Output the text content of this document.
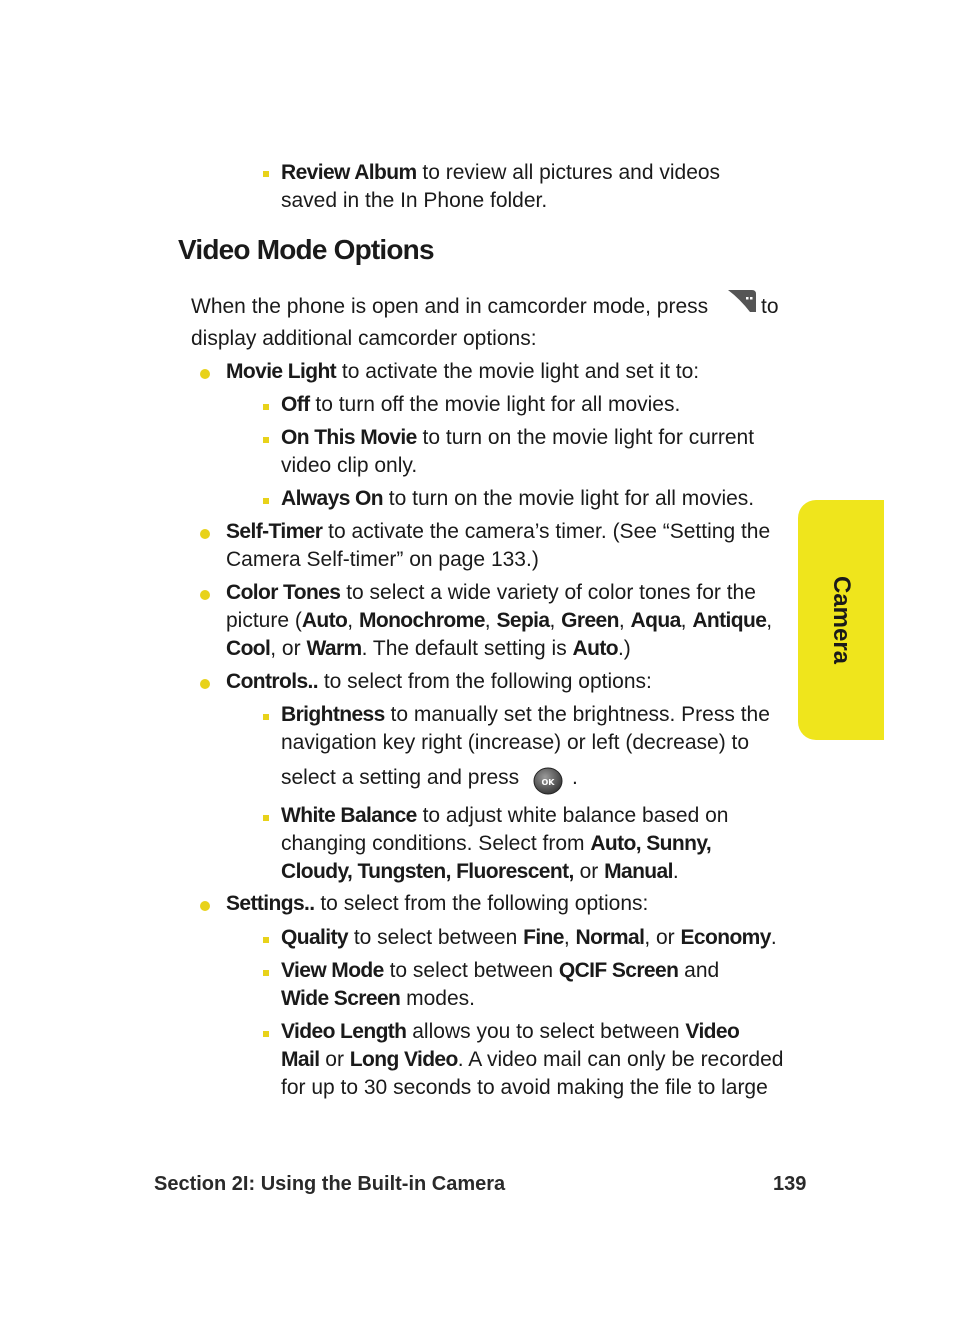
Review Album to review all pictures and videos
saved in the In Phone folder.
Video Mode Options
When the phone is open and in camcorder mode, press	to
display additional camcorder options:
Movie Light to activate the movie light and set it to:
Off to turn off the movie light for all movies.
On This Movie to turn on the movie light for current
video clip only.
Always On to turn on the movie light for all movies.
Self-Timer to activate the camera’s timer. (See “Setting the
Camera Self-timer” on page 133.)
Color Tones to select a wide variety of color tones for the
picture (Auto, Monochrome, Sepia, Green, Aqua, Antique,
Cool, or Warm. The default setting is Auto.)
Controls.. to select from the following options:
Brightness to manually set the brightness. Press the
navigation key right (increase) or left (decrease) to
select a setting and press	OK .
White Balance to adjust white balance based on
changing conditions. Select from Auto, Sunny,
Cloudy, Tungsten, Fluorescent, or Manual.
Settings.. to select from the following options:
Quality to select between Fine, Normal, or Economy.
View Mode to select between QCIF Screen and
Wide Screen modes.
Video Length allows you to select between Video
Mail or Long Video. A video mail can only be recorded
for up to 30 seconds to avoid making the file to large
Camera
Section 2I: Using the Built-in Camera	139
